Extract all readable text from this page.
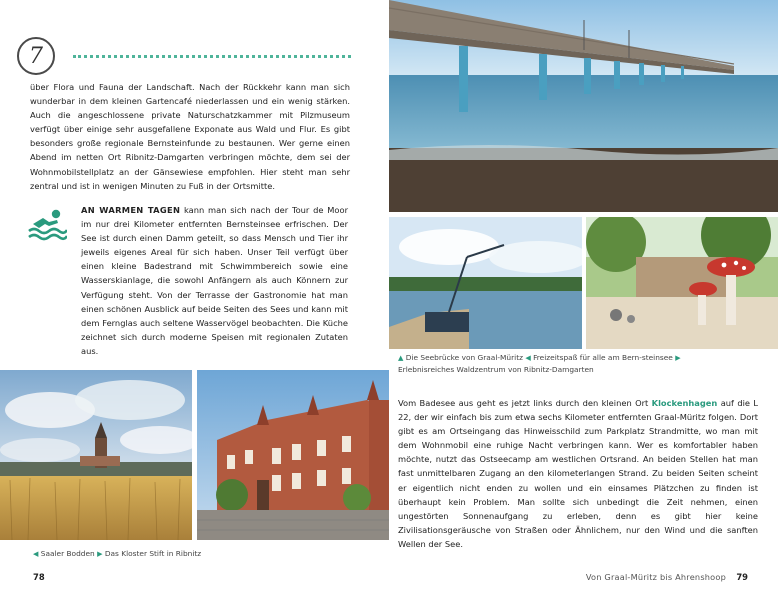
7

über Flora und Fauna der Landschaft. Nach der Rückkehr kann man sich wunderbar in dem kleinen Gartencafé niederlassen und ein wenig stärken. Auch die angeschlossene private Naturschatzkammer mit Pilzmuseum verfügt über einige sehr ausgefallene Exponate aus Wald und Flur. Es gibt besonders große regionale Bernsteinfunde zu bestaunen. Wer gerne einen Abend im netten Ort Ribnitz-Damgarten verbringen möchte, dem sei der Wohnmobilstellplatz an der Gänsewiese empfohlen. Hier steht man sehr zentral und ist in wenigen Minuten zu Fuß in der Ortsmitte.

AN WARMEN TAGEN kann man sich nach der Tour de Moor im nur drei Kilometer entfernten Bernsteinsee erfrischen. Der See ist durch einen Damm geteilt, so dass Mensch und Tier ihr jeweils eigenes Areal für sich haben. Unser Teil verfügt über einen kleine Badestrand mit Schwimmbereich sowie eine Wasserskianlage, die sowohl Anfängern als auch Könnern zur Verfügung steht. Von der Terrasse der Gastronomie hat man einen schönen Ausblick auf beide Seiten des Sees und kann mit dem Fernglas auch seltene Wasservögel beobachten. Die Küche zeichnet sich durch moderne Speisen mit regionalen Zutaten aus.

◀ Saaler Bodden ▶ Das Kloster Stift in Ribnitz

78

▲ Die Seebrücke von Graal-Müritz ◀ Freizeitspaß für alle am Bern-steinsee ▶ Erlebnisreiches Waldzentrum von Ribnitz-Damgarten

Vom Badesee aus geht es jetzt links durch den kleinen Ort Klockenhagen auf die L 22, der wir einfach bis zum etwa sechs Kilometer entfernten Graal-Müritz folgen. Dort gibt es am Ortseingang das Hinweisschild zum Parkplatz Strandmitte, wo man mit dem Wohnmobil eine ruhige Nacht verbringen kann. Wer es komfortabler haben möchte, nutzt das Ostseecamp am westlichen Ortsrand. An beiden Stellen hat man fast unmittelbaren Zugang an den kilometerlangen Strand. Zu beiden Seiten scheint er eigentlich nicht enden zu wollen und ein einsames Plätzchen zu finden ist überhaupt kein Problem. Man sollte sich unbedingt die Zeit nehmen, einen ungestörten Sonnenaufgang zu erleben, denn es gibt hier keine Zivilisationsgeräusche von Straßen oder Ähnlichem, nur den Wind und die sanften Wellen der See.

Von Graal-Müritz bis Ahrenshoop 79
